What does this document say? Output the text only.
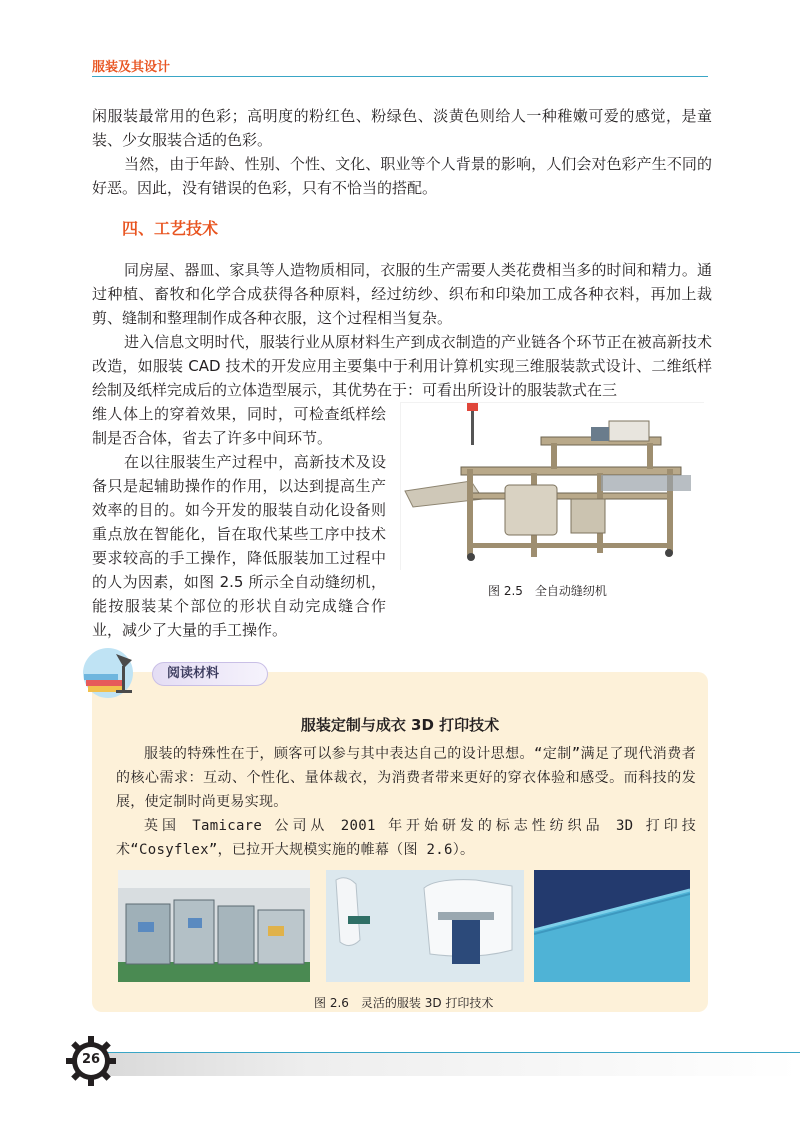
服装及其设计

闲服装最常用的色彩；高明度的粉红色、粉绿色、淡黄色则给人一种稚嫩可爱的感觉，是童装、少女服装合适的色彩。

当然，由于年龄、性别、个性、文化、职业等个人背景的影响，人们会对色彩产生不同的好恶。因此，没有错误的色彩，只有不恰当的搭配。

四、工艺技术

同房屋、器皿、家具等人造物质相同，衣服的生产需要人类花费相当多的时间和精力。通过种植、畜牧和化学合成获得各种原料，经过纺纱、织布和印染加工成各种衣料，再加上裁剪、缝制和整理制作成各种衣服，这个过程相当复杂。

进入信息文明时代，服装行业从原材料生产到成衣制造的产业链各个环节正在被高新技术改造，如服装 CAD 技术的开发应用主要集中于利用计算机实现三维服装款式设计、二维纸样绘制及纸样完成后的立体造型展示，其优势在于：可看出所设计的服装款式在三

维人体上的穿着效果，同时，可检查纸样绘制是否合体，省去了许多中间环节。

在以往服装生产过程中，高新技术及设备只是起辅助操作的作用，以达到提高生产效率的目的。如今开发的服装自动化设备则重点放在智能化，旨在取代某些工序中技术要求较高的手工操作，降低服装加工过程中的人为因素，如图 2.5 所示全自动缝纫机，能按服装某个部位的形状自动完成缝合作业，减少了大量的手工操作。

图 2.5　全自动缝纫机
阅读材料
服装定制与成衣 3D 打印技术

服装的特殊性在于，顾客可以参与其中表达自己的设计思想。“定制”满足了现代消费者的核心需求：互动、个性化、量体裁衣，为消费者带来更好的穿衣体验和感受。而科技的发展，使定制时尚更易实现。

英国 Tamicare 公司从 2001 年开始研发的标志性纺织品 3D 打印技术“Cosyflex”，已拉开大规模实施的帷幕（图 2.6）。

图 2.6　灵活的服装 3D 打印技术
26
